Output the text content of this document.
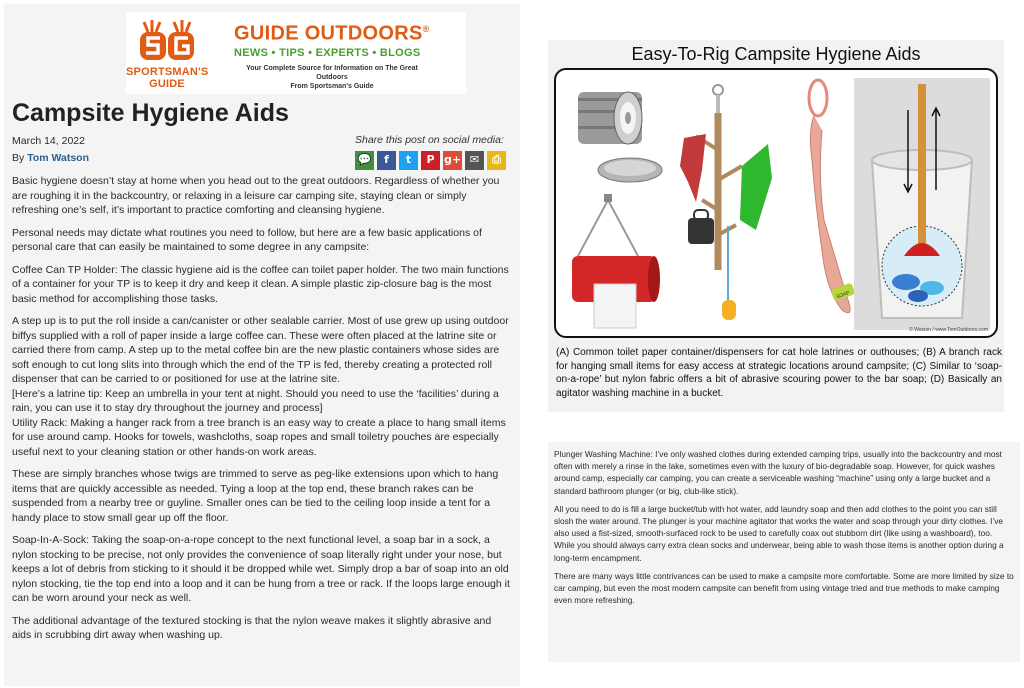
SPORTSMAN'S GUIDE
GUIDE OUTDOORS®
NEWS • TIPS • EXPERTS • BLOGS
Your Complete Source for Information on The Great Outdoors
From Sportsman's Guide
Campsite Hygiene Aids
March 14, 2022
By Tom Watson
Share this post on social media:
💬	f	t	P g+ ✉	⎙

Basic hygiene doesn’t stay at home when you head out to the great outdoors. Regardless of whether you are roughing it in the backcountry, or relaxing in a leisure car camping site, staying clean or simply refreshing one’s self, it’s important to practice comforting and cleansing hygiene.

Personal needs may dictate what routines you need to follow, but here are a few basic applications of personal care that can easily be maintained to some degree in any campsite:

Coffee Can TP Holder: The classic hygiene aid is the coffee can toilet paper holder. The two main functions of a container for your TP is to keep it dry and keep it clean. A simple plastic zip-closure bag is the most basic method for accomplishing those tasks.

A step up is to put the roll inside a can/canister or other sealable carrier. Most of use grew up using outdoor biffys supplied with a roll of paper inside a large coffee can. These were often placed at the latrine site or carried there from camp. A step up to the metal coffee bin are the new plastic containers whose sides are soft enough to cut long slits into through which the end of the TP is fed, thereby creating a protected roll dispenser that can be carried to or positioned for use at the latrine site.

[Here’s a latrine tip: Keep an umbrella in your tent at night. Should you need to use the ‘facilities’ during a rain, you can use it to stay dry throughout the journey and process]

Utility Rack: Making a hanger rack from a tree branch is an easy way to create a place to hang small items for use around camp. Hooks for towels, washcloths, soap ropes and small toiletry pouches are especially useful next to your cleaning station or other hands-on work areas.

These are simply branches whose twigs are trimmed to serve as peg-like extensions upon which to hang items that are quickly accessible as needed. Tying a loop at the top end, these branch rakes can be suspended from a nearby tree or guyline. Smaller ones can be tied to the ceiling loop inside a tent for a handy place to stow small gear up off the floor.

Soap-In-A-Sock: Taking the soap-on-a-rope concept to the next functional level, a soap bar in a sock, a nylon stocking to be precise, not only provides the convenience of soap literally right under your nose, but keeps a lot of debris from sticking to it should it be dropped while wet. Simply drop a bar of soap into an old nylon stocking, tie the top end into a loop and it can be hung from a tree or rack. If the loops large enough it can be worn around your neck as well.

The additional advantage of the textured stocking is that the nylon weave makes it slightly abrasive and aids in scrubbing dirt away when washing up.

Easy-To-Rig Campsite Hygiene Aids
SOAP
© Watson / www.TomOutdoors.com
(A) Common toilet paper container/dispensers for cat hole latrines or outhouses; (B) A branch rack for hanging small items for easy access at strategic locations around campsite; (C) Similar to ‘soap-on-a-rope’ but nylon fabric offers a bit of abrasive scouring power to the bar soap; (D) Basically an agitator washing machine in a bucket.

Plunger Washing Machine: I’ve only washed clothes during extended camping trips, usually into the backcountry and most often with merely a rinse in the lake, sometimes even with the luxury of bio-degradable soap. However, for quick washes around camp, especially car camping, you can create a serviceable washing “machine” using only a large bucket and a standard bathroom plunger (or big, club-like stick).

All you need to do is fill a large bucket/tub with hot water, add laundry soap and then add clothes to the point you can still slosh the water around. The plunger is your machine agitator that works the water and soap through your dirty clothes. I’ve also used a fist-sized, smooth-surfaced rock to be used to carefully coax out stubborn dirt (like using a washboard), too.

While you should always carry extra clean socks and underwear, being able to wash those items is another option during a long-term encampment.

There are many ways little contrivances can be used to make a campsite more comfortable. Some are more limited by size to car camping, but even the most modern campsite can benefit from using vintage tried and true methods to make camping even more refreshing.
